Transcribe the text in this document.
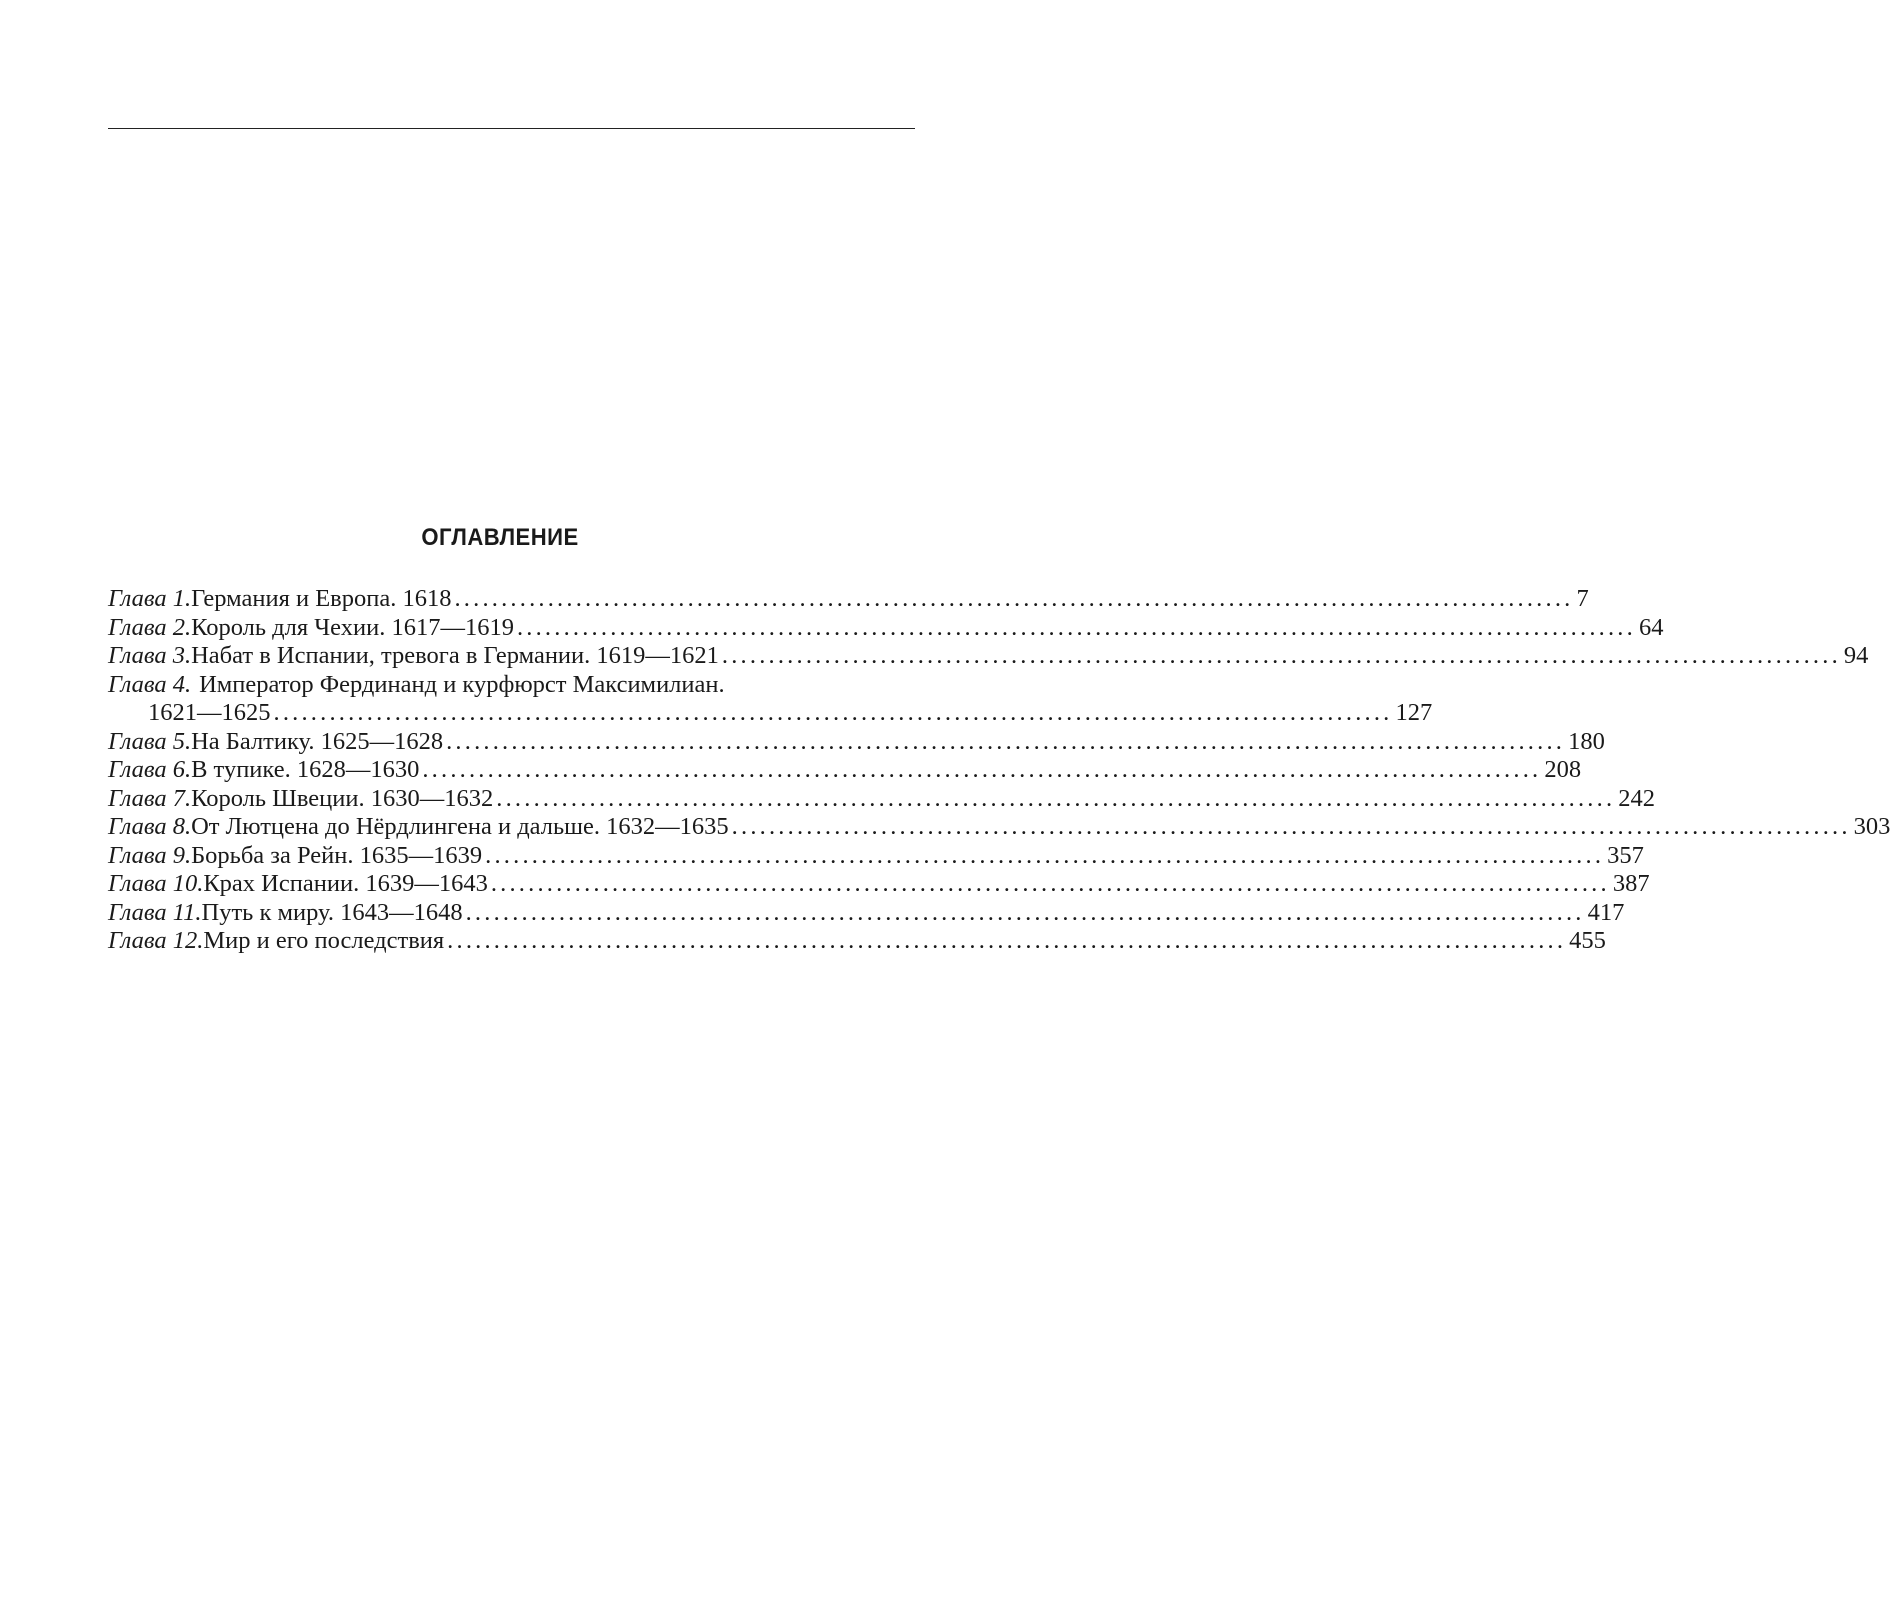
ОГЛАВЛЕНИЕ
Глава 1. Германия и Европа. 1618 ........................................................................................................................ 7
Глава 2. Король для Чехии. 1617—1619 ........................................................................................................................ 64
Глава 3. Набат в Испании, тревога в Германии. 1619—1621 ........................................................................................................................ 94
Глава 4. Император Фердинанд и курфюрст Максимилиан.
1621—1625 ........................................................................................................................ 127
Глава 5. На Балтику. 1625—1628 ........................................................................................................................ 180
Глава 6. В тупике. 1628—1630 ........................................................................................................................ 208
Глава 7. Король Швеции. 1630—1632 ........................................................................................................................ 242
Глава 8. От Лютцена до Нёрдлингена и дальше. 1632—1635 ........................................................................................................................ 303
Глава 9. Борьба за Рейн. 1635—1639 ........................................................................................................................ 357
Глава 10. Крах Испании. 1639—1643 ........................................................................................................................ 387
Глава 11. Путь к миру. 1643—1648 ........................................................................................................................ 417
Глава 12. Мир и его последствия ........................................................................................................................ 455
